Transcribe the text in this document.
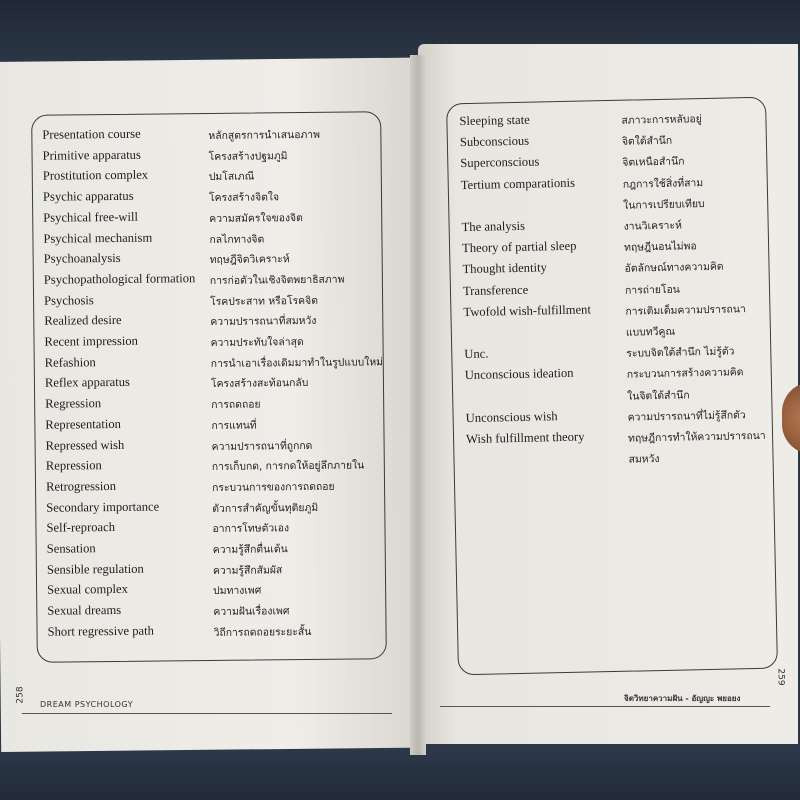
Presentation course	หลักสูตรการนำเสนอภาพ
Primitive apparatus	โครงสร้างปฐมภูมิ
Prostitution complex	ปมโสเภณี
Psychic apparatus	โครงสร้างจิตใจ
Psychical free-will	ความสมัครใจของจิต
Psychical mechanism	กลไกทางจิต
Psychoanalysis	ทฤษฎีจิตวิเคราะห์
Psychopathological formation การก่อตัวในเชิงจิตพยาธิสภาพ
Psychosis	โรคประสาท หรือโรคจิต
Realized desire	ความปรารถนาที่สมหวัง
Recent impression	ความประทับใจล่าสุด
Refashion	การนำเอาเรื่องเดิมมาทำในรูปแบบใหม่
Reflex apparatus	โครงสร้างสะท้อนกลับ
Regression	การถดถอย
Representation	การแทนที่
Repressed wish	ความปรารถนาที่ถูกกด
Repression	การเก็บกด, การกดให้อยู่ลึกภายใน
Retrogression	กระบวนการของการถดถอย
Secondary importance	ตัวการสำคัญขั้นทุติยภูมิ
Self-reproach	อาการโทษตัวเอง
Sensation	ความรู้สึกตื่นเต้น
Sensible regulation	ความรู้สึกสัมผัส
Sexual complex	ปมทางเพศ
Sexual dreams	ความฝันเรื่องเพศ
Short regressive path	วิถีการถดถอยระยะสั้น
Sleeping state	สภาวะการหลับอยู่
Subconscious	จิตใต้สำนึก
Superconscious	จิตเหนือสำนึก
Tertium comparationis	กฎการใช้สิ่งที่สาม
ในการเปรียบเทียบ
The analysis	งานวิเคราะห์
Theory of partial sleep	ทฤษฎีนอนไม่พอ
Thought identity	อัตลักษณ์ทางความคิด
Transference	การถ่ายโอน
Twofold wish-fulfillment	การเติมเต็มความปรารถนา
แบบทวีคูณ
Unc.	ระบบจิตใต้สำนึก ไม่รู้ตัว
Unconscious ideation	กระบวนการสร้างความคิด
ในจิตใต้สำนึก
Unconscious wish	ความปรารถนาที่ไม่รู้สึกตัว
Wish fulfillment theory	ทฤษฎีการทำให้ความปรารถนา
สมหวัง
258
DREAM PSYCHOLOGY
จิตวิทยาความฝัน - อัญญะ พยอยง
259
